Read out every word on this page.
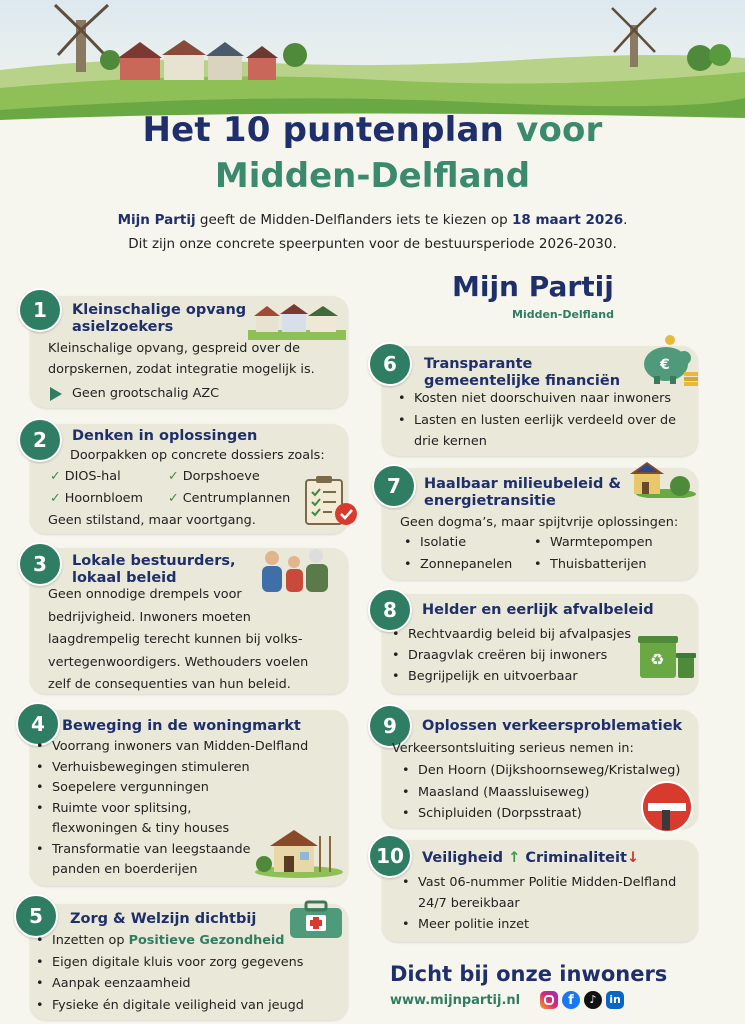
Het 10 puntenplan voor
Midden-Delfland
Mijn Partij geeft de Midden-Delflanders iets te kiezen op 18 maart 2026.
Dit zijn onze concrete speerpunten voor de bestuursperiode 2026-2030.
Mijn Partij
Midden-Delfland
1	Kleinschalige opvang asielzoekers
Kleinschalige opvang, gespreid over de dorpskernen, zodat integratie mogelijk is.
Geen grootschalig AZC
2	Denken in oplossingen
Doorpakken op concrete dossiers zoals:
✓ DIOS-hal	✓ Dorpshoeve
✓ Hoornbloem ✓ Centrumplannen
Geen stilstand, maar voortgang.
3	Lokale bestuurders, lokaal beleid
Geen onnodige drempels voor bedrijvigheid. Inwoners moeten laagdrempelig terecht kunnen bij volks-vertegenwoordigers. Wethouders voelen zelf de consequenties van hun beleid.
4	Beweging in de woningmarkt
• Voorrang inwoners van Midden-Delfland
• Verhuisbewegingen stimuleren
• Soepelere vergunningen
• Ruimte voor splitsing, flexwoningen & tiny houses
• Transformatie van leegstaande panden en boerderijen
5	Zorg & Welzijn dichtbij
• Inzetten op Positieve Gezondheid
• Eigen digitale kluis voor zorg gegevens
• Aanpak eenzaamheid
• Fysieke én digitale veiligheid van jeugd
6	Transparante gemeentelijke financiën
€
• Kosten niet doorschuiven naar inwoners
• Lasten en lusten eerlijk verdeeld over de drie kernen
7	Haalbaar milieubeleid & energietransitie
Geen dogma’s, maar spijtvrije oplossingen:
• Isolatie
• Zonnepanelen
• Warmtepompen
• Thuisbatterijen
8	Helder en eerlijk afvalbeleid
• Rechtvaardig beleid bij afvalpasjes
• Draagvlak creëren bij inwoners
• Begrijpelijk en uitvoerbaar
♻
9	Oplossen verkeersproblematiek
Verkeersontsluiting serieus nemen in:
• Den Hoorn (Dijkshoornseweg/Kristalweg)
• Maasland (Maassluiseweg)
• Schipluiden (Dorpsstraat)
10	Veiligheid ↑ Criminaliteit↓
• Vast 06-nummer Politie Midden-Delfland 24/7 bereikbaar
• Meer politie inzet
Dicht bij onze inwoners
www.mijnpartij.nl	f	♪	in
